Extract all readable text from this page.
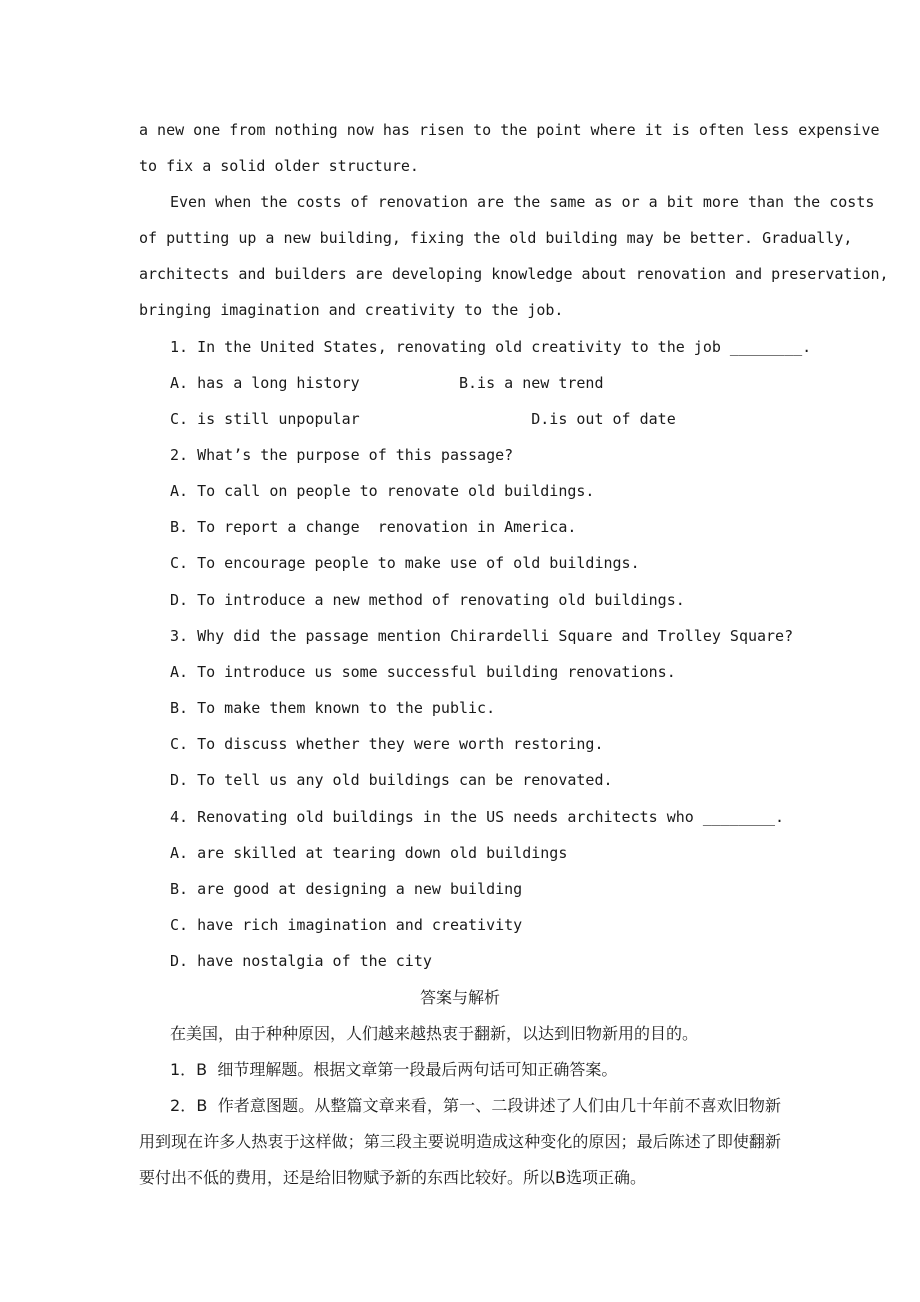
a new one from nothing now has risen to the point where it is often less expensive
to fix a solid older structure.
Even when the costs of renovation are the same as or a bit more than the costs
of putting up a new building, fixing the old building may be better. Gradually,
architects and builders are developing knowledge about renovation and preservation,
bringing imagination and creativity to the job.
1. In the United States, renovating old creativity to the job ________.
A. has a long history           B.is a new trend
C. is still unpopular                   D.is out of date
2. What’s the purpose of this passage?
A. To call on people to renovate old buildings.
B. To report a change  renovation in America.
C. To encourage people to make use of old buildings.
D. To introduce a new method of renovating old buildings.
3. Why did the passage mention Chirardelli Square and Trolley Square?
A. To introduce us some successful building renovations.
B. To make them known to the public.
C. To discuss whether they were worth restoring.
D. To tell us any old buildings can be renovated.
4. Renovating old buildings in the US needs architects who ________.
A. are skilled at tearing down old buildings
B. are good at designing a new building
C. have rich imagination and creativity
D. have nostalgia of the city
答案与解析
在美国，由于种种原因，人们越来越热衷于翻新，以达到旧物新用的目的。
1．B  细节理解题。根据文章第一段最后两句话可知正确答案。
2．B  作者意图题。从整篇文章来看，第一、二段讲述了人们由几十年前不喜欢旧物新
用到现在许多人热衷于这样做；第三段主要说明造成这种变化的原因；最后陈述了即使翻新
要付出不低的费用，还是给旧物赋予新的东西比较好。所以B选项正确。
